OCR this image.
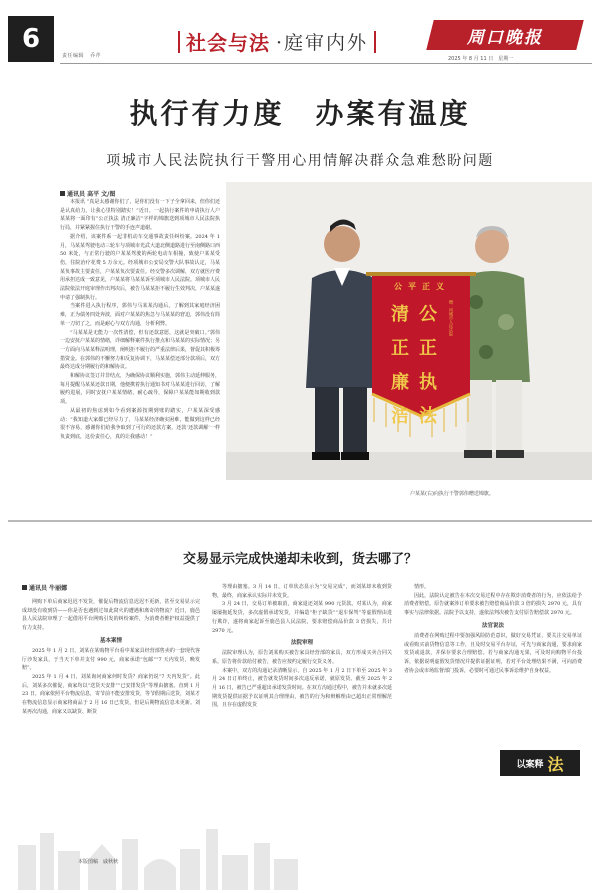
6
责任编辑 乔芹
社会与法 ·庭审内外	周口晚报
2025 年 8 月 11 日　星期一
执行有力度　办案有温度
项城市人民法院执行干警用心用情解决群众急难愁盼问题
通讯员 高平 文/图

本报讯 “真是太感谢你们了，是你们没有一下子全拿回来，但你们还是认真给力，让我心里特别踏实！”近日，一起执行案件的申请执行人户某某将一面印有“公正执法 清正廉洁”字样的锦旗送到项城市人民法院执行局，并紧紧握住执行干警的手连声道谢。

据介绍，该案件系一起非机动车交通事故责任纠纷案。2024 年 1 月，马某某驾驶电动三轮车与项城市光武大道北侧道路进行至南侧路口西 50 米处，与正常行驶的户某某驾驶的两轮电动车相撞，致使户某某受伤，住院治疗花费 5 万余元。经项城市公安局交警大队事故认定，马某某负事故主要责任，户某某负次要责任。经交警多次调解，双方就医疗费用承担达成一致意见，户某某将马某某诉至项城市人民法院。项城市人民法院依法开庭审理作出判决后，被告马某某拒不履行生效判决，户某某遂申请了强制执行。

当案件进入执行程序，郭伟与马某某沟通后，了解到其家庭经济困难，正为债务四处奔波，面对户某某的焦急与马某某的窘迫，郭伟没有简单一刀切了之，而是耐心与双方沟通，分析利弊。

“马某某是无能力一次性清偿，但有还款意愿，这就是突破口。”郭伟一边安抚户某某的情绪，详细解释案件执行推点和马某某的实际情况；另一方面向马某某释法明理，阐明拒不履行的严重法律后果，督促其积极筹措资金。在郭伟的不懈努力和反复协调下，马某某偿还部分款项后，双方最终达成分期履行的和解协议。

和解协议签订并非结点，为确保协议顺利实施，郭伟主动延伸服务，每月提醒马某某还款日期，他便携着执行通知书对马某某进行回访，了解履约进展，同时安抚户某某情绪，耐心疏导，保障户某某能如期收到款项。

从最初的焦虑到如今看到案源按期到账的踏实，户某某深受感动：“我知道大家都已经尽力了，马某某经济确实困难，能做到这样已经很不容易，感谢你们给我争取到了可行的还款方案，还款‘还款调解’一样负责到底，这份责任心，真的让我感动！”

公平正义
清 公
正 正
廉 执
洁 法
赠：项城市人民法院
户某某(右)向执行干警郭伟赠送锦旗。
交易显示完成快递却未收到，货去哪了？
通讯员 牛丽娜

网购下单后商家迟迟不发货，催促后物流信息迟迟不更新，甚至交易显示完成却没有收到货——你是否也遇到过如此窝火的遭遇和离奇的物流？近日，鹿邑县人民法院审理了一起借用平台网购引发的纠纷案件，为消费者维护权益提供了有力支持。

基本案情

2025 年 1 月 2 日，刘某在某购物平台看中某家具经营部售卖的一套现代客厅沙发家具，于当天下单并支付 990 元，商家承诺“包邮”“7 天内发货，晚发赔”。

2025 年 1 月 4 日，刘某询问商家何时发货？商家仍说“7 天内发货”。此后，刘某多次催促，商家均以“送货天安排”“已安排发货”等理由搪塞。直到 1 月 23 日，商家依照平台物流信息，寄节前不能安排发货，等节假期后送货，刘某才在物流信息显示商家将商品于 2 月 16 日已发货，但是后期物流信息未更新。刘某再次沟通，商家又以缺货、断货

等理由搪塞。3 月 14 日，订单状态显示为“交易完成”，而刘某却未收到货物，最终，商家承认实际并未发货。

3 月 24 日，交易订单被取消，商家退还刘某 990 元货款。对某认为，商家屡屡拖延发货，多次虚假承诺发货，并编造“柜子缺货”“退车保驾”等虚假理由进行欺诈，遂将商家起诉至鹿邑县人民法院，要求赔偿商品价款 3 倍损失，共计 2970 元。

法院审理

法院审理认为，原告刘某购买被告家具经营部的家具，双方形成买卖合同关系。原告将价款给付被告，被告应按约定履行交货义务。

本案中，双方的沟通记录清晰显示，自 2025 年 1 月 2 日下单至 2025 年 3 月 24 日订单终止，被告就发货时间多次违反承诺，就原发货。截至 2025 年 2 月 16 日，被告已严重超出承诺发货时间。在双方沟通过程中，被告并未就多次延期发货提供证据予以证明其合理理由，被告的行为和辩解理由已超出正常理解范围，且存在虚假发货

情形。

因此，法院认定被告在本次交易过程中存在欺诈消费者的行为，应依法给予消费者赔偿。原告就案涉订单要求被告赔偿商品价款 3 倍的损失 2970 元，具有事实与法律依据。法院予以支持，遂依法判决被告支付原告赔偿款 2970 元。

法官说法

消费者在网购过程中要加强风险防范意识，做好交易凭证，要关注交易单证或看购买前货物信息等工作，且及时交易平台存证，可先与商家沟通，要求商家发货或退款，并保存要求合理赔偿。若与商家沟通无果，可及时向购物平台投诉，依据说明虚假发货情况并提供证据证明，若对平台处理结果不满，可向消费者协会或市场监督部门投诉，必要时可通过民事诉讼维护自身权益。

以案释 法
本版图稿　戚秋秋
